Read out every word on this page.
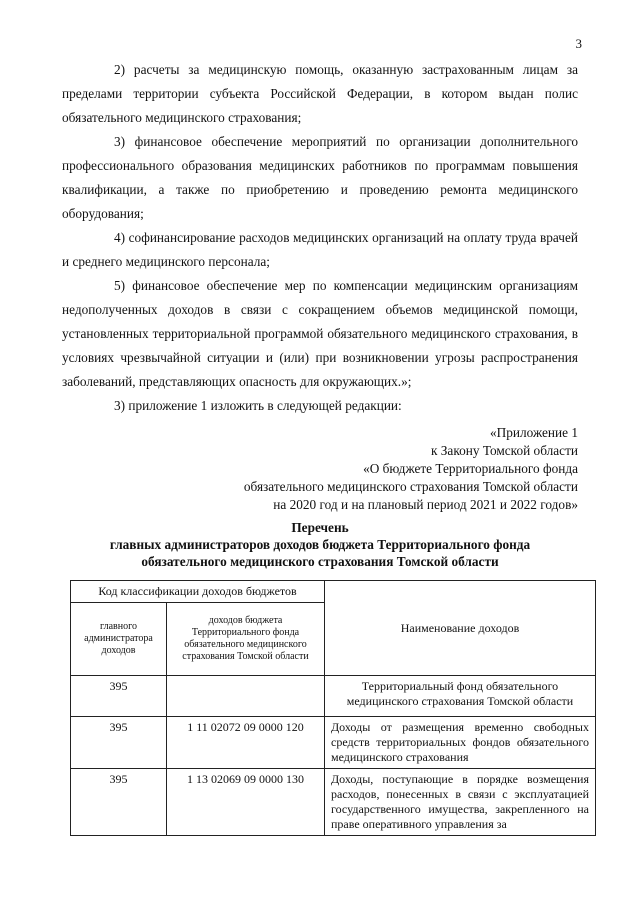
3

2) расчеты за медицинскую помощь, оказанную застрахованным лицам за пределами территории субъекта Российской Федерации, в котором выдан полис обязательного медицинского страхования;

3) финансовое обеспечение мероприятий по организации дополнительного профессионального образования медицинских работников по программам повышения квалификации, а также по приобретению и проведению ремонта медицинского оборудования;

4) софинансирование расходов медицинских организаций на оплату труда врачей и среднего медицинского персонала;

5) финансовое обеспечение мер по компенсации медицинским организациям недополученных доходов в связи с сокращением объемов медицинской помощи, установленных территориальной программой обязательного медицинского страхования, в условиях чрезвычайной ситуации и (или) при возникновении угрозы распространения заболеваний, представляющих опасность для окружающих.»;

3) приложение 1 изложить в следующей редакции:

«Приложение 1
к Закону Томской области
«О бюджете Территориального фонда
обязательного медицинского страхования Томской области
на 2020 год и на плановый период 2021 и 2022 годов»
Перечень
главных администраторов доходов бюджета Территориального фонда
обязательного медицинского страхования Томской области
Код классификации доходов бюджетов		Наименование доходов
главного администратора доходов	доходов бюджета Территориального фонда обязательного медицинского страхования Томской области	
395		Территориальный фонд обязательного медицинского страхования Томской области
395	1 11 02072 09 0000 120	Доходы от размещения временно свободных средств территориальных фондов обязательного медицинского страхования
395	1 13 02069 09 0000 130	Доходы, поступающие в порядке возмещения расходов, понесенных в связи с эксплуатацией государственного имущества, закрепленного на праве оперативного управления за
